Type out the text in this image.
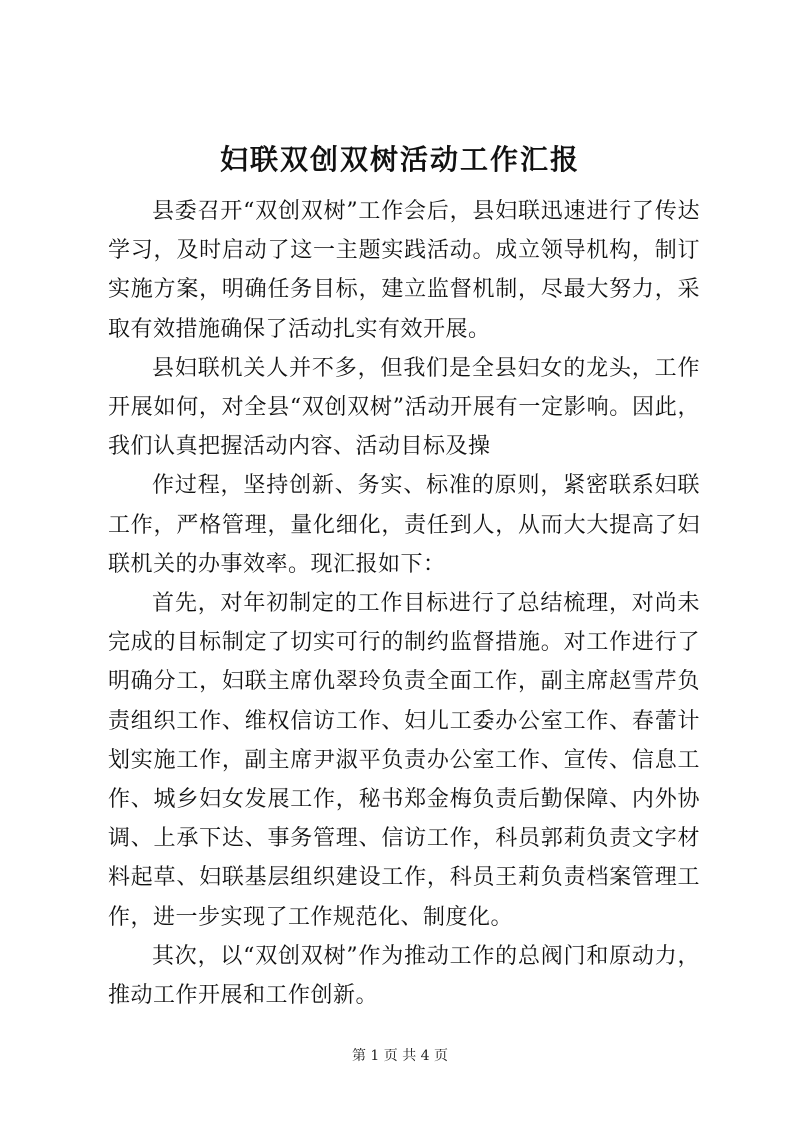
妇联双创双树活动工作汇报

县委召开“双创双树”工作会后，县妇联迅速进行了传达学习，及时启动了这一主题实践活动。成立领导机构，制订实施方案，明确任务目标，建立监督机制，尽最大努力，采取有效措施确保了活动扎实有效开展。

县妇联机关人并不多，但我们是全县妇女的龙头，工作开展如何，对全县“双创双树”活动开展有一定影响。因此，我们认真把握活动内容、活动目标及操

作过程，坚持创新、务实、标准的原则，紧密联系妇联工作，严格管理，量化细化，责任到人，从而大大提高了妇联机关的办事效率。现汇报如下：

首先，对年初制定的工作目标进行了总结梳理，对尚未完成的目标制定了切实可行的制约监督措施。对工作进行了明确分工，妇联主席仇翠玲负责全面工作，副主席赵雪芹负责组织工作、维权信访工作、妇儿工委办公室工作、春蕾计划实施工作，副主席尹淑平负责办公室工作、宣传、信息工作、城乡妇女发展工作，秘书郑金梅负责后勤保障、内外协调、上承下达、事务管理、信访工作，科员郭莉负责文字材料起草、妇联基层组织建设工作，科员王莉负责档案管理工作，进一步实现了工作规范化、制度化。

其次，以“双创双树”作为推动工作的总阀门和原动力，推动工作开展和工作创新。

第 1 页 共 4 页
